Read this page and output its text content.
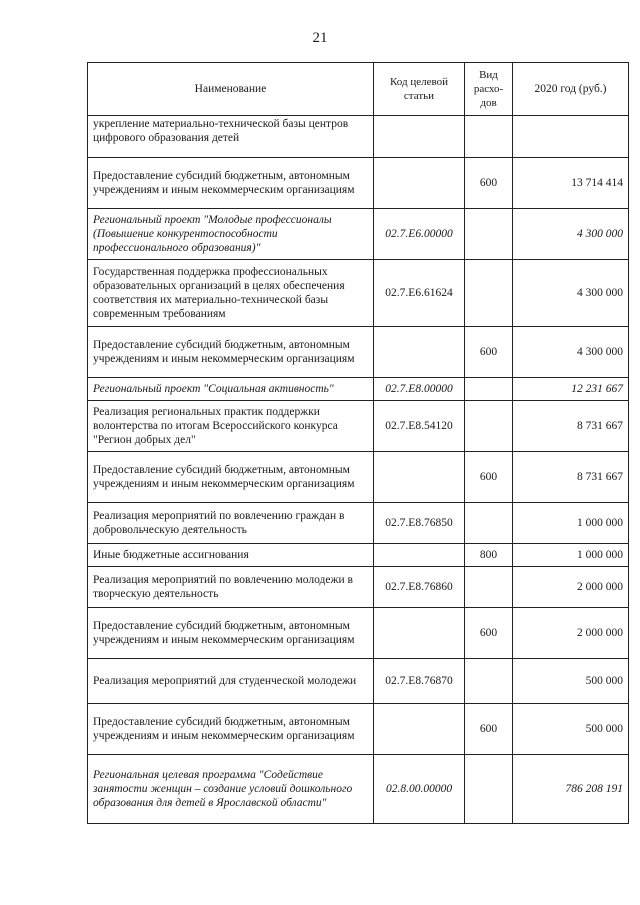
21
Наименование	Код целевой статьи	Вид расхо-дов	2020 год (руб.)
укрепление материально-технической базы центров цифрового образования детей			
Предоставление субсидий бюджетным, автономным учреждениям и иным некоммерческим организациям		600	13 714 414
Региональный проект "Молодые профессионалы (Повышение конкурентоспособности профессионального образования)"	02.7.E6.00000		4 300 000
Государственная поддержка профессиональных образовательных организаций в целях обеспечения соответствия их материально-технической базы современным требованиям	02.7.E6.61624		4 300 000
Предоставление субсидий бюджетным, автономным учреждениям и иным некоммерческим организациям		600	4 300 000
Региональный проект "Социальная активность"	02.7.E8.00000		12 231 667
Реализация региональных практик поддержки волонтерства по итогам Всероссийского конкурса "Регион добрых дел"	02.7.E8.54120		8 731 667
Предоставление субсидий бюджетным, автономным учреждениям и иным некоммерческим организациям		600	8 731 667
Реализация мероприятий по вовлечению граждан в добровольческую деятельность	02.7.E8.76850		1 000 000
Иные бюджетные ассигнования		800	1 000 000
Реализация мероприятий по вовлечению молодежи в творческую деятельность	02.7.E8.76860		2 000 000
Предоставление субсидий бюджетным, автономным учреждениям и иным некоммерческим организациям		600	2 000 000
Реализация мероприятий для студенческой молодежи	02.7.E8.76870		500 000
Предоставление субсидий бюджетным, автономным учреждениям и иным некоммерческим организациям		600	500 000
Региональная целевая программа "Содействие занятости женщин – создание условий дошкольного образования для детей в Ярославской области"	02.8.00.00000		786 208 191
